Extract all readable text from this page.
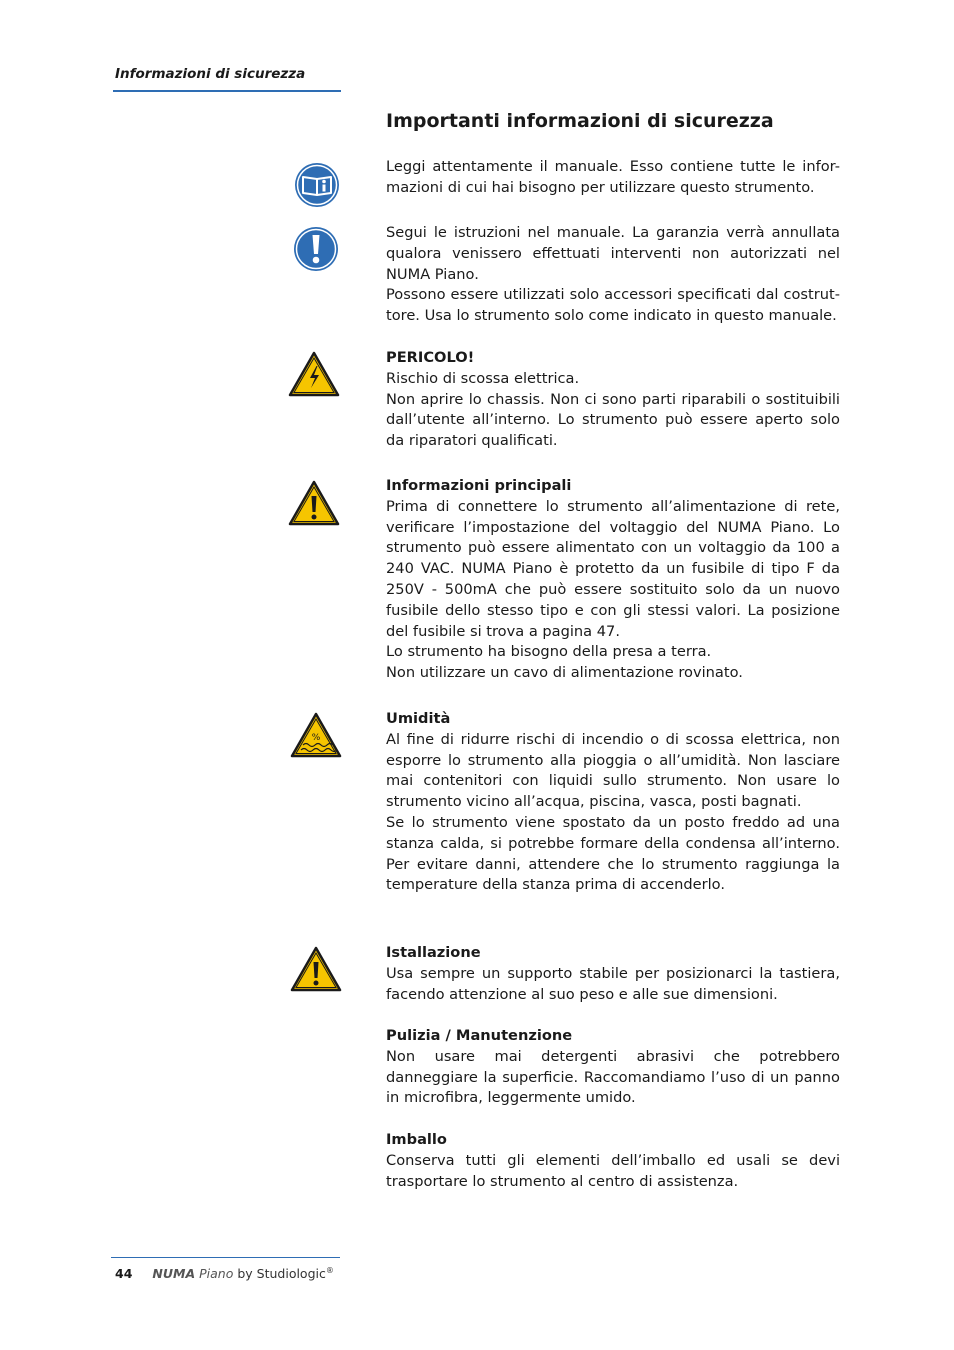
Informazioni di sicurezza
Importanti informazioni di sicurezza
%

Leggi attentamente il manuale. Esso contiene tutte le infor-mazioni di cui hai bisogno per utilizzare questo strumento.

Segui le istruzioni nel manuale. La garanzia verrà annullata qualora venissero effettuati interventi non autorizzati nel NUMA Piano.

Possono essere utilizzati solo accessori specificati dal costrut-tore. Usa lo strumento solo come indicato in questo manuale.

PERICOLO!

Rischio di scossa elettrica.

Non aprire lo chassis. Non ci sono parti riparabili o sostituibili dall’utente all’interno. Lo strumento può essere aperto solo da riparatori qualificati.

Informazioni principali

Prima di connettere lo strumento all’alimentazione di rete, verificare l’impostazione del voltaggio del NUMA Piano. Lo strumento può essere alimentato con un voltaggio da 100 a 240 VAC. NUMA Piano è protetto da un fusibile di tipo F da 250V - 500mA che può essere sostituito solo da un nuovo fusibile dello stesso tipo e con gli stessi valori. La posizione del fusibile si trova a pagina 47.

Lo strumento ha bisogno della presa a terra.

Non utilizzare un cavo di alimentazione rovinato.

Umidità

Al fine di ridurre rischi di incendio o di scossa elettrica, non esporre lo strumento alla pioggia o all’umidità. Non lasciare mai contenitori con liquidi sullo strumento. Non usare lo strumento vicino all’acqua, piscina, vasca, posti bagnati.

Se lo strumento viene spostato da un posto freddo ad una stanza calda, si potrebbe formare della condensa all’interno. Per evitare danni, attendere che lo strumento raggiunga la temperature della stanza prima di accenderlo.

Istallazione

Usa sempre un supporto stabile per posizionarci la tastiera, facendo attenzione al suo peso e alle sue dimensioni.

Pulizia / Manutenzione

Non usare mai detergenti abrasivi che potrebbero danneggiare la superficie. Raccomandiamo l’uso di un panno in microfibra, leggermente umido.

Imballo

Conserva tutti gli elementi dell’imballo ed usali se devi trasportare lo strumento al centro di assistenza.

44 NUMA Piano by Studiologic®
